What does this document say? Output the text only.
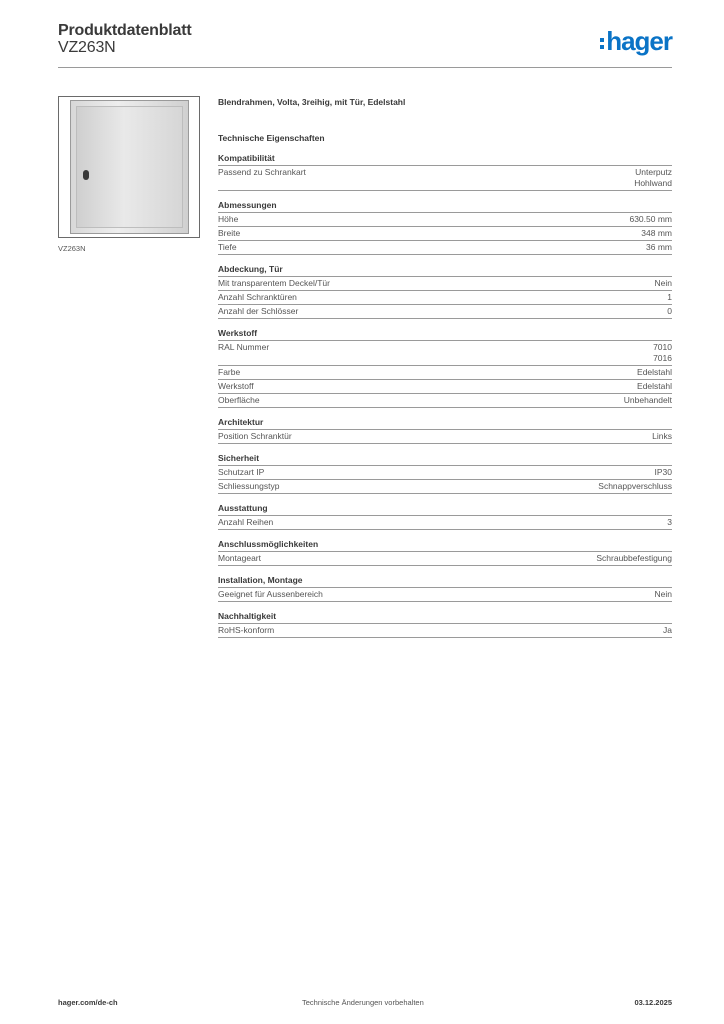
Produktdatenblatt
VZ263N	hager
VZ263N
Blendrahmen, Volta, 3reihig, mit Tür, Edelstahl
Technische Eigenschaften
Kompatibilität
Passend zu Schrankart	Unterputz
Hohlwand
Abmessungen
Höhe	630.50 mm
Breite	348 mm
Tiefe	36 mm
Abdeckung, Tür
Mit transparentem Deckel/Tür	Nein
Anzahl Schranktüren	1
Anzahl der Schlösser	0
Werkstoff
RAL Nummer	7010
7016
Farbe	Edelstahl
Werkstoff	Edelstahl
Oberfläche	Unbehandelt
Architektur
Position Schranktür	Links
Sicherheit
Schutzart IP	IP30
Schliessungstyp	Schnappverschluss
Ausstattung
Anzahl Reihen	3
Anschlussmöglichkeiten
Montageart	Schraubbefestigung
Installation, Montage
Geeignet für Aussenbereich	Nein
Nachhaltigkeit
RoHS-konform	Ja
hager.com/de-ch	Technische Änderungen vorbehalten	03.12.2025
